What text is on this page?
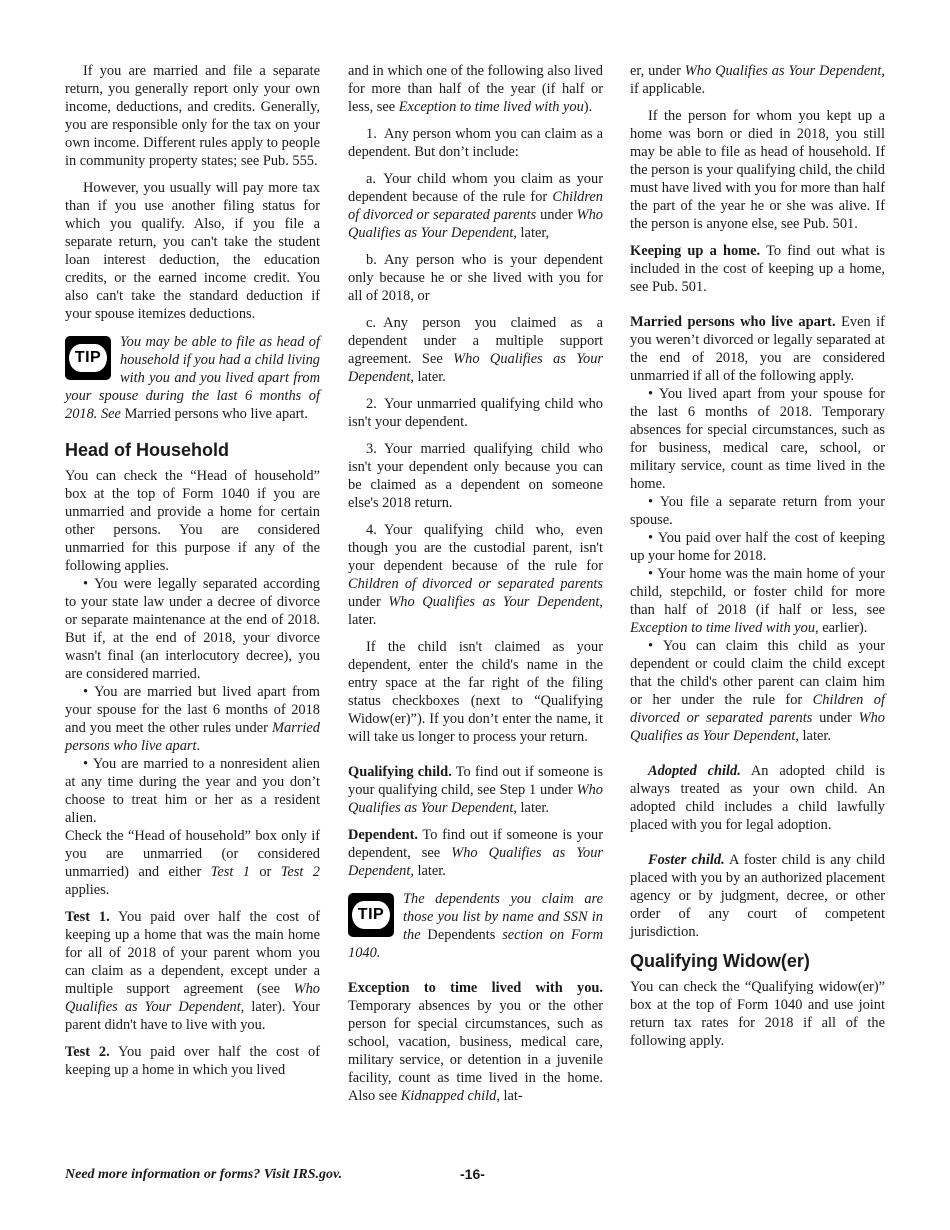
If you are married and file a separate return, you generally report only your own income, deductions, and credits. Generally, you are responsible only for the tax on your own income. Different rules apply to people in community property states; see Pub. 555.

However, you usually will pay more tax than if you use another filing status for which you qualify. Also, if you file a separate return, you can't take the student loan interest deduction, the education credits, or the earned income credit. You also can't take the standard deduction if your spouse itemizes deductions.

TIP

You may be able to file as head of household if you had a child living with you and you lived apart from your spouse during the last 6 months of 2018. See Married persons who live apart.

Head of Household

You can check the “Head of household” box at the top of Form 1040 if you are unmarried and provide a home for certain other persons. You are considered unmarried for this purpose if any of the following applies.

• You were legally separated according to your state law under a decree of divorce or separate maintenance at the end of 2018. But if, at the end of 2018, your divorce wasn't final (an interlocutory decree), you are considered married.

• You are married but lived apart from your spouse for the last 6 months of 2018 and you meet the other rules under Married persons who live apart.

• You are married to a nonresident alien at any time during the year and you don’t choose to treat him or her as a resident alien.

Check the “Head of household” box only if you are unmarried (or considered unmarried) and either Test 1 or Test 2 applies.

Test 1. You paid over half the cost of keeping up a home that was the main home for all of 2018 of your parent whom you can claim as a dependent, except under a multiple support agreement (see Who Qualifies as Your Dependent, later). Your parent didn't have to live with you.

Test 2. You paid over half the cost of keeping up a home in which you lived

and in which one of the following also lived for more than half of the year (if half or less, see Exception to time lived with you).

1. Any person whom you can claim as a dependent. But don’t include:

a. Your child whom you claim as your dependent because of the rule for Children of divorced or separated parents under Who Qualifies as Your Dependent, later,

b. Any person who is your dependent only because he or she lived with you for all of 2018, or

c. Any person you claimed as a dependent under a multiple support agreement. See Who Qualifies as Your Dependent, later.

2. Your unmarried qualifying child who isn't your dependent.

3. Your married qualifying child who isn't your dependent only because you can be claimed as a dependent on someone else's 2018 return.

4. Your qualifying child who, even though you are the custodial parent, isn't your dependent because of the rule for Children of divorced or separated parents under Who Qualifies as Your Dependent, later.

If the child isn't claimed as your dependent, enter the child's name in the entry space at the far right of the filing status checkboxes (next to “Qualifying Widow(er)”). If you don’t enter the name, it will take us longer to process your return.

Qualifying child. To find out if someone is your qualifying child, see Step 1 under Who Qualifies as Your Dependent, later.

Dependent. To find out if someone is your dependent, see Who Qualifies as Your Dependent, later.

TIP

The dependents you claim are those you list by name and SSN in the Dependents section on Form 1040.

Exception to time lived with you. Temporary absences by you or the other person for special circumstances, such as school, vacation, business, medical care, military service, or detention in a juvenile facility, count as time lived in the home. Also see Kidnapped child, lat-

er, under Who Qualifies as Your Dependent, if applicable.

If the person for whom you kept up a home was born or died in 2018, you still may be able to file as head of household. If the person is your qualifying child, the child must have lived with you for more than half the part of the year he or she was alive. If the person is anyone else, see Pub. 501.

Keeping up a home. To find out what is included in the cost of keeping up a home, see Pub. 501.

Married persons who live apart. Even if you weren’t divorced or legally separated at the end of 2018, you are considered unmarried if all of the following apply.

• You lived apart from your spouse for the last 6 months of 2018. Temporary absences for special circumstances, such as for business, medical care, school, or military service, count as time lived in the home.

• You file a separate return from your spouse.

• You paid over half the cost of keeping up your home for 2018.

• Your home was the main home of your child, stepchild, or foster child for more than half of 2018 (if half or less, see Exception to time lived with you, earlier).

• You can claim this child as your dependent or could claim the child except that the child's other parent can claim him or her under the rule for Children of divorced or separated parents under Who Qualifies as Your Dependent, later.

Adopted child. An adopted child is always treated as your own child. An adopted child includes a child lawfully placed with you for legal adoption.

Foster child. A foster child is any child placed with you by an authorized placement agency or by judgment, decree, or other order of any court of competent jurisdiction.

Qualifying Widow(er)

You can check the “Qualifying widow(er)” box at the top of Form 1040 and use joint return tax rates for 2018 if all of the following apply.

Need more information or forms? Visit IRS.gov.	-16-
